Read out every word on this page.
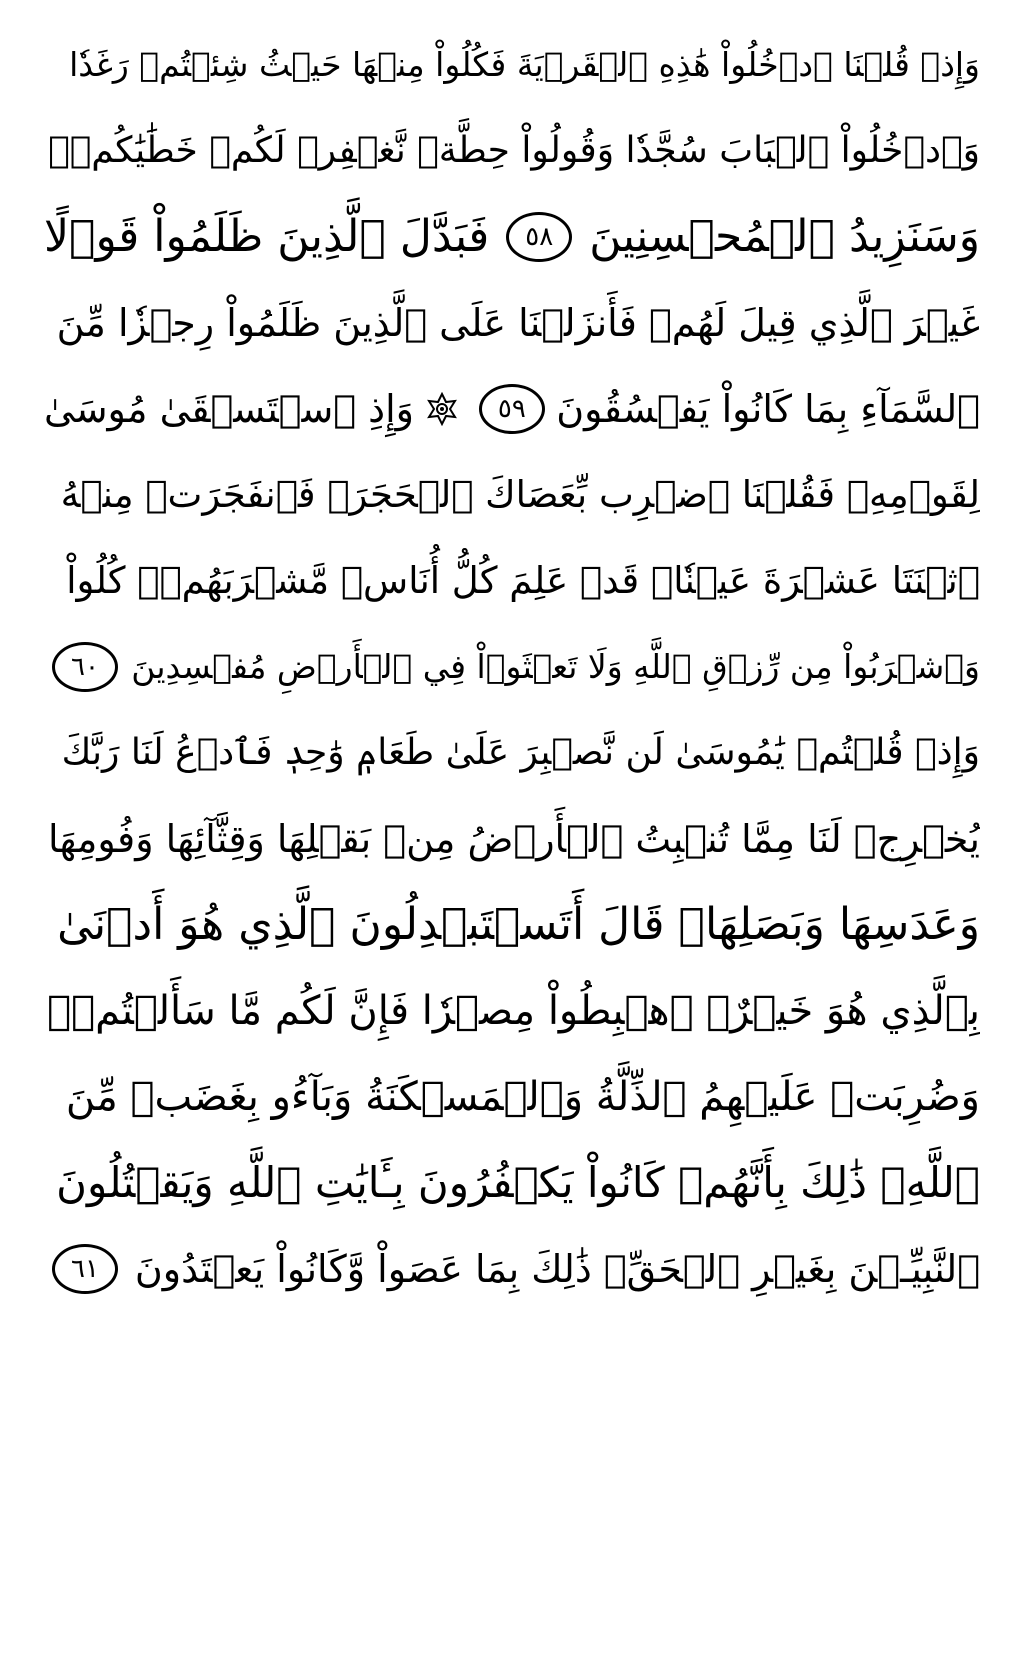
وَإِذۡ قُلۡنَا ٱدۡخُلُواْ هَٰذِهِ ٱلۡقَرۡيَةَ فَكُلُواْ مِنۡهَا حَيۡثُ شِئۡتُمۡ رَغَدٗا
وَٱدۡخُلُواْ ٱلۡبَابَ سُجَّدٗا وَقُولُواْ حِطَّةٞ نَّغۡفِرۡ لَكُمۡ خَطَٰيَٰكُمۡۚ
وَسَنَزِيدُ ٱلۡمُحۡسِنِينَ
٥٨
فَبَدَّلَ ٱلَّذِينَ ظَلَمُواْ قَوۡلًا
غَيۡرَ ٱلَّذِي قِيلَ لَهُمۡ فَأَنزَلۡنَا عَلَى ٱلَّذِينَ ظَلَمُواْ رِجۡزٗا مِّنَ
ٱلسَّمَآءِ بِمَا كَانُواْ يَفۡسُقُونَ
٥٩
وَإِذِ ٱسۡتَسۡقَىٰ مُوسَىٰ
لِقَوۡمِهِۦ فَقُلۡنَا ٱضۡرِب بِّعَصَاكَ ٱلۡحَجَرَۖ فَٱنفَجَرَتۡ مِنۡهُ
ٱثۡنَتَا عَشۡرَةَ عَيۡنٗاۖ قَدۡ عَلِمَ كُلُّ أُنَاسٖ مَّشۡرَبَهُمۡۖ كُلُواْ
وَٱشۡرَبُواْ مِن رِّزۡقِ ٱللَّهِ وَلَا تَعۡثَوۡاْ فِي ٱلۡأَرۡضِ مُفۡسِدِينَ
٦٠
وَإِذۡ قُلۡتُمۡ يَٰمُوسَىٰ لَن نَّصۡبِرَ عَلَىٰ طَعَامٖ وَٰحِدٖ فَٱدۡعُ لَنَا رَبَّكَ
يُخۡرِجۡ لَنَا مِمَّا تُنۢبِتُ ٱلۡأَرۡضُ مِنۢ بَقۡلِهَا وَقِثَّآئِهَا وَفُومِهَا
وَعَدَسِهَا وَبَصَلِهَاۖ قَالَ أَتَسۡتَبۡدِلُونَ ٱلَّذِي هُوَ أَدۡنَىٰ
بِٱلَّذِي هُوَ خَيۡرٌۚ ٱهۡبِطُواْ مِصۡرٗا فَإِنَّ لَكُم مَّا سَأَلۡتُمۡۗ
وَضُرِبَتۡ عَلَيۡهِمُ ٱلذِّلَّةُ وَٱلۡمَسۡكَنَةُ وَبَآءُو بِغَضَبٖ مِّنَ
ٱللَّهِۗ ذَٰلِكَ بِأَنَّهُمۡ كَانُواْ يَكۡفُرُونَ بِـَٔايَٰتِ ٱللَّهِ وَيَقۡتُلُونَ
ٱلنَّبِيِّـۧنَ بِغَيۡرِ ٱلۡحَقِّۗ ذَٰلِكَ بِمَا عَصَواْ وَّكَانُواْ يَعۡتَدُونَ
٦١
